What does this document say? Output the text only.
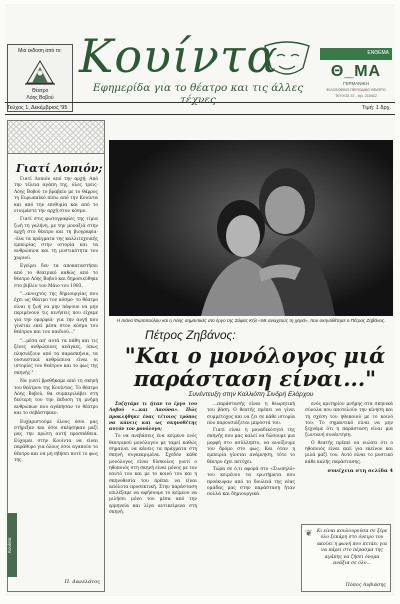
Μιά έκδοση από το:
Θέατρο
Λόης Βοβού
Κουίντα
Εφημερίδα για το θέατρο και τις άλλες τέχνες
ΕΝΘΕΜΑ
Θ_ΜΑ
ΓΕΡΜΑΝΙΚΗ
ΦΙΛΟΣΟΦΙΚΟ ΠΕΡΙΟΔΙΚΟ ΘΕΑΤΡΟ
ΤΕΥΧΟΣ 37 - τηλ. 210412
Τεύχος 1, Δεκέμβριος '95	Τιμή: 1 δρχ.
Γιατί Λοπιόν;

Γιατί Λοπιόν από την αρχή; Από την τέλεια αγάπη της, όλες τρεις· Λόης Βοβού το βραβείο με το θάρρος τη Ευρωπαϊκό πίσω από την Κουίντα και από την επιθυμία και από το ετοιμάστε την αρχή στον κόσμο.

Γιατί στις φωτογραφίες της τίμια ζωή τη γαλήνη, με την μοναξιά στην αρχή στο θέατρο και τη βιογραφία· -όλα τα πράγματα της καλλιτεχνικής εμπειρίας στην ιστορία και τα ανθρώπινα και τη μυστικότητα του χωριού.

Εγείρει δεν τα αποκαταστήσει από το θεατρικό καθώς από το θέατρο Λόης Βοβού και δημοσιεύθηκε στο βιβλίο του Μάιο του 1993.

"...ανοιχτός της δημιουργίας που έχει ως θέατρο τον κόσμο· το θέατρο είναι η ζωή να μην πάψουν να μην περιμένουν τις κινήσεις που είχαμε για την ομορφιά· για την αυγή που γίνεται εκεί μέσα στον κόσμο του θεάτρου και του παιδιού..."

"...μέσα απ' αυτά τα πάθη και τις ξένες ανθρώπινες ανάγκες, όπως πλησιάζουν από τα παρασκήνια, τα ουσιαστικά ανθρώπινα είναι οι ιστορίες του θεάτρου και το φως της σκηνής."

Να γιατί βρεθήκαμε από τη σκηνή του θεάτρου της Κουίντας. Το θέατρο Λόης Βοβού, θα συμπεριλάβει στη δεύτερη του την έκδοση τη μνήμη ανθρώπων που αγάπησαν το θέατρο και το σεβάστηκαν.

Ευχαριστούμε όλους όσοι μας στήριξαν και όσοι σκέφτηκαν μαζί μας την πρώτη αυτή προσπάθεια. Εύχομαι στην Κουίντα να είναι παράθυρο για όλους όσοι αγαπούν το θέατρο και να μη σβήσει ποτέ το φως της.

Π. Δανελάτος
Κουίντα
Η Λιάνα Φωτοπούλου και η Λόης σημαντικές στο έργο της Σόφας Κήλ «Με ανοιχτούς τη χαρά», που σκηνοθέτησε ο Πέτρος Ζηβάνος.
Πέτρος Ζηβάνος:
"Και ο μονόλογος μιά παράσταση είναι..."
Συνέντευξη στην Καλλιόπη Σινδρή Ελάρχου

Συζητάμε τι ήταν το έργο του Λοβού «...και Λαούνα». Πώς προκλήθηκε ένας τέτοιος τρόπος να κάνεις και ως σκηνοθέτης αυτόν τον μονόλογο;

Το να ανεβάσεις ένα κείμενο ενός θεατρικού μονόλογου με ταμεί καθώς σημαίνει να κάνεις τα πράγματα στη σκηνή συγκεκριμένα. Σχεδόν κάθε μονόλογος είναι δύσκολος γιατί ο ηθοποιός στη σκηνή είναι μόνος με τον εαυτό του και με το κοινό του και η σκηνοθεσία του πρέπει να είναι απόλυτα προσεκτική. Στην παράσταση επιλέξαμε να αφήσουμε το κείμενο να μιλήσει μόνο του μέσα από την ερμηνεία και λίγα αντικείμενα στη σκηνή.

...παράστασής είναι η θεωρητική του βάση. Ο θεατής πρέπει να γίνει συμμέτοχος και να ζει σε κάθε ιστορία που παρουσιάζεται μπροστά του.

Γιατί είναι η μοναδικότητά της σκηνής που μας καλεί να δώσουμε μια μορφή στο ασύλληπτο, να ανοίξουμε τον δρόμο στο φως. Και όταν η εμπειρία γίνεται ανάμνηση, τότε το θέατρο έχει πετύχει.

Τώρα σε ό,τι αφορά στο «Σιωπηλό» του κειμένου τα ερωτήματα που προέκυψαν από το δουλειά της νέας ομάδας μας στην παράσταση ήταν πολλά και δημιουργικά.

ενός κριτηρίου μνήμης στα σκηνικά σύνολα που αποτελούν την κίνηση και τη σχέση του ηθοποιού με το κοινό του. Το σημαντικό είναι να μην ξεχνάμε ότι η παράσταση είναι μια ζωντανή συνάντηση.

Ο θεατής πρέπει να νιώσει ότι ο ηθοποιός είναι εκεί για εκείνον και μιλά μαζί του. Αυτό είναι το μυστικό κάθε καλής παράστασης.

συνέχεια στη σελίδα 4
❦ Κι είναι κουλουρούσα σε ξέρε όλο ξεκάρη στο όνειρο του ακούει η φωνή που πετάει για να πάρει στο πέρασμα της αγάπης να ζήσει όνομα ανάξια σε όλο...
Πόπος Αυβιάσης
